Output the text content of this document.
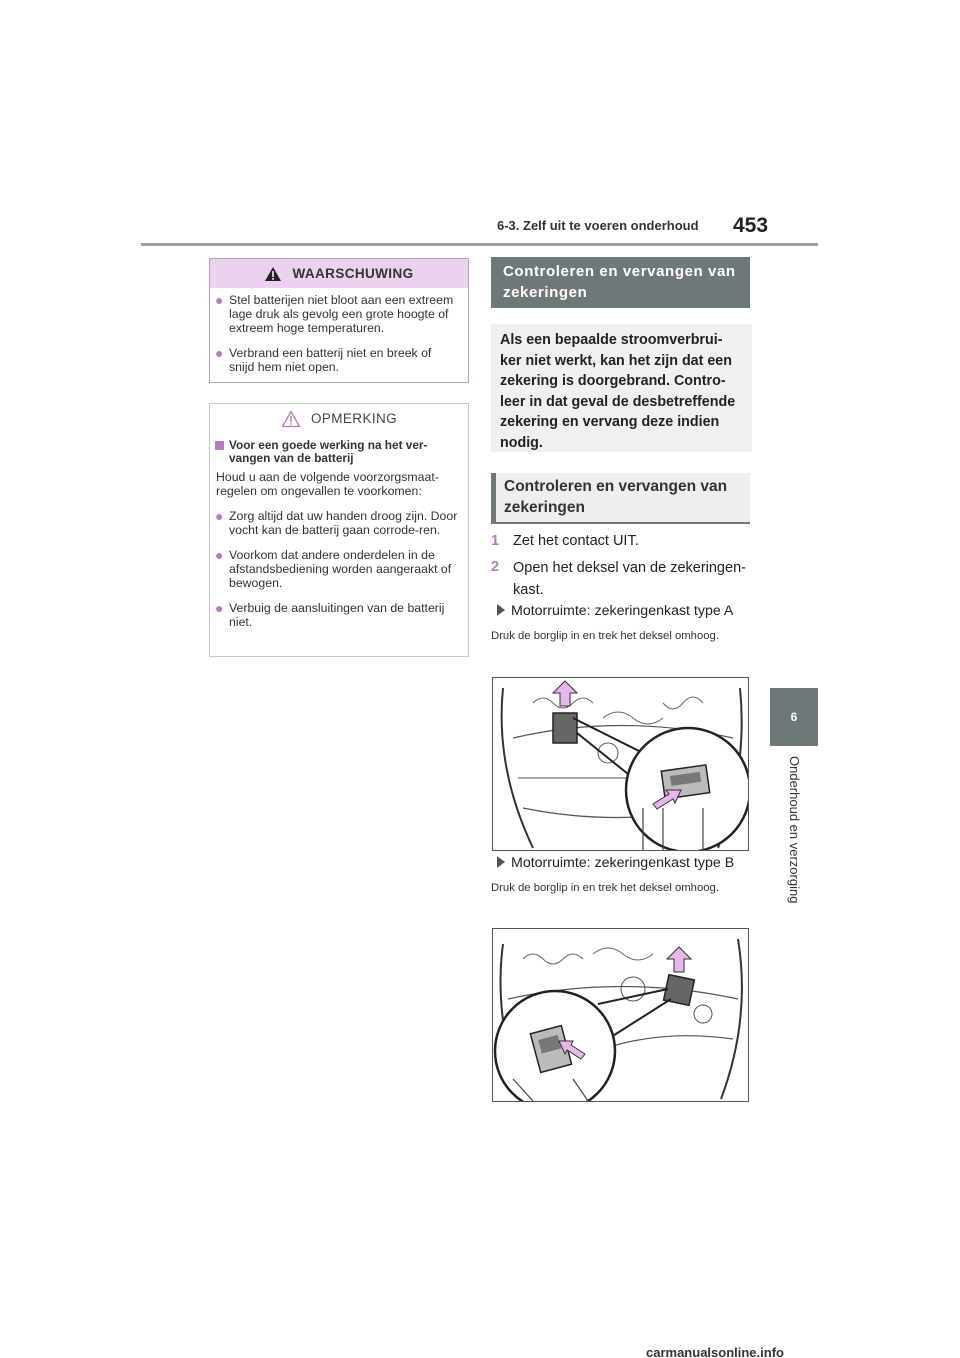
6-3. Zelf uit te voeren onderhoud 453
6
Onderhoud en verzorging
WAARSCHUWING
● Stel batterijen niet bloot aan een extreem lage druk als gevolg een grote hoogte of extreem hoge temperaturen.
● Verbrand een batterij niet en breek of snijd hem niet open.
OPMERKING
Voor een goede werking na het ver-vangen van de batterij
Houd u aan de volgende voorzorgsmaat-regelen om ongevallen te voorkomen:
● Zorg altijd dat uw handen droog zijn. Door vocht kan de batterij gaan corrode-ren.
● Voorkom dat andere onderdelen in de afstandsbediening worden aangeraakt of bewogen.
● Verbuig de aansluitingen van de batterij niet.
Controleren en vervangen van zekeringen
Als een bepaalde stroomverbrui-ker niet werkt, kan het zijn dat een zekering is doorgebrand. Contro-leer in dat geval de desbetreffende zekering en vervang deze indien nodig.
Controleren en vervangen van zekeringen
1 Zet het contact UIT.
2 Open het deksel van de zekeringen-kast.
Motorruimte: zekeringenkast type A
Druk de borglip in en trek het deksel omhoog.
Motorruimte: zekeringenkast type B
Druk de borglip in en trek het deksel omhoog.
carmanualsonline.info
